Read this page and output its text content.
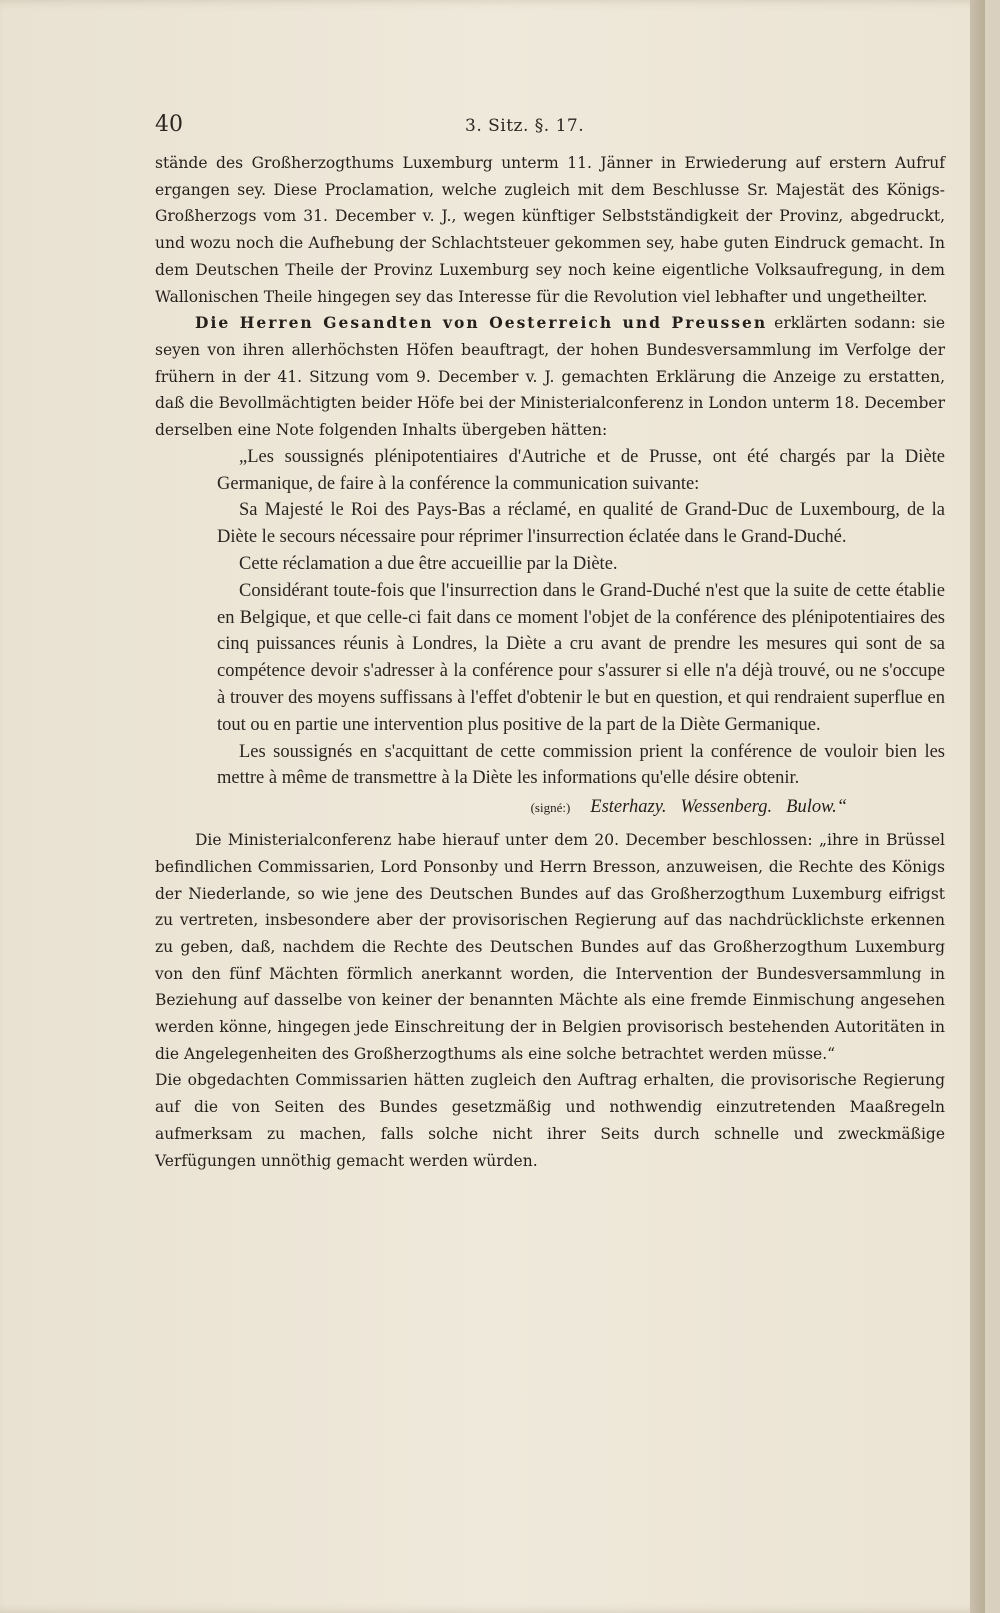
40	3. Sitz. §. 17.

stände des Großherzogthums Luxemburg unterm 11. Jänner in Erwiederung auf erstern Aufruf ergangen sey. Diese Proclamation, welche zugleich mit dem Beschlusse Sr. Majestät des Königs-Großherzogs vom 31. December v. J., wegen künftiger Selbstständigkeit der Provinz, abgedruckt, und wozu noch die Aufhebung der Schlachtsteuer gekommen sey, habe guten Eindruck gemacht. In dem Deutschen Theile der Provinz Luxemburg sey noch keine eigentliche Volksaufregung, in dem Wallonischen Theile hingegen sey das Interesse für die Revolution viel lebhafter und ungetheilter.

Die Herren Gesandten von Oesterreich und Preussen erklärten sodann: sie seyen von ihren allerhöchsten Höfen beauftragt, der hohen Bundesversammlung im Verfolge der frühern in der 41. Sitzung vom 9. December v. J. gemachten Erklärung die Anzeige zu erstatten, daß die Bevollmächtigten beider Höfe bei der Ministerialconferenz in London unterm 18. December derselben eine Note folgenden Inhalts übergeben hätten:

„Les soussignés plénipotentiaires d'Autriche et de Prusse, ont été chargés par la Diète Germanique, de faire à la conférence la communication suivante:

Sa Majesté le Roi des Pays-Bas a réclamé, en qualité de Grand-Duc de Luxembourg, de la Diète le secours nécessaire pour réprimer l'insurrection éclatée dans le Grand-Duché.

Cette réclamation a due être accueillie par la Diète.

Considérant toute-fois que l'insurrection dans le Grand-Duché n'est que la suite de cette établie en Belgique, et que celle-ci fait dans ce moment l'objet de la conférence des plénipotentiaires des cinq puissances réunis à Londres, la Diète a cru avant de prendre les mesures qui sont de sa compétence devoir s'adresser à la conférence pour s'assurer si elle n'a déjà trouvé, ou ne s'occupe à trouver des moyens suffissans à l'effet d'obtenir le but en question, et qui rendraient superflue en tout ou en partie une intervention plus positive de la part de la Diète Germanique.

Les soussignés en s'acquittant de cette commission prient la conférence de vouloir bien les mettre à même de transmettre à la Diète les informations qu'elle désire obtenir.

(signé:) Esterhazy. Wessenberg. Bulow.“

Die Ministerialconferenz habe hierauf unter dem 20. December beschlossen: „ihre in Brüssel befindlichen Commissarien, Lord Ponsonby und Herrn Bresson, anzuweisen, die Rechte des Königs der Niederlande, so wie jene des Deutschen Bundes auf das Großherzogthum Luxemburg eifrigst zu vertreten, insbesondere aber der provisorischen Regierung auf das nachdrücklichste erkennen zu geben, daß, nachdem die Rechte des Deutschen Bundes auf das Großherzogthum Luxemburg von den fünf Mächten förmlich anerkannt worden, die Intervention der Bundesversammlung in Beziehung auf dasselbe von keiner der benannten Mächte als eine fremde Einmischung angesehen werden könne, hingegen jede Einschreitung der in Belgien provisorisch bestehenden Autoritäten in die Angelegenheiten des Großherzogthums als eine solche betrachtet werden müsse.“

Die obgedachten Commissarien hätten zugleich den Auftrag erhalten, die provisorische Regierung auf die von Seiten des Bundes gesetzmäßig und nothwendig einzutretenden Maaßregeln aufmerksam zu machen, falls solche nicht ihrer Seits durch schnelle und zweckmäßige Verfügungen unnöthig gemacht werden würden.
